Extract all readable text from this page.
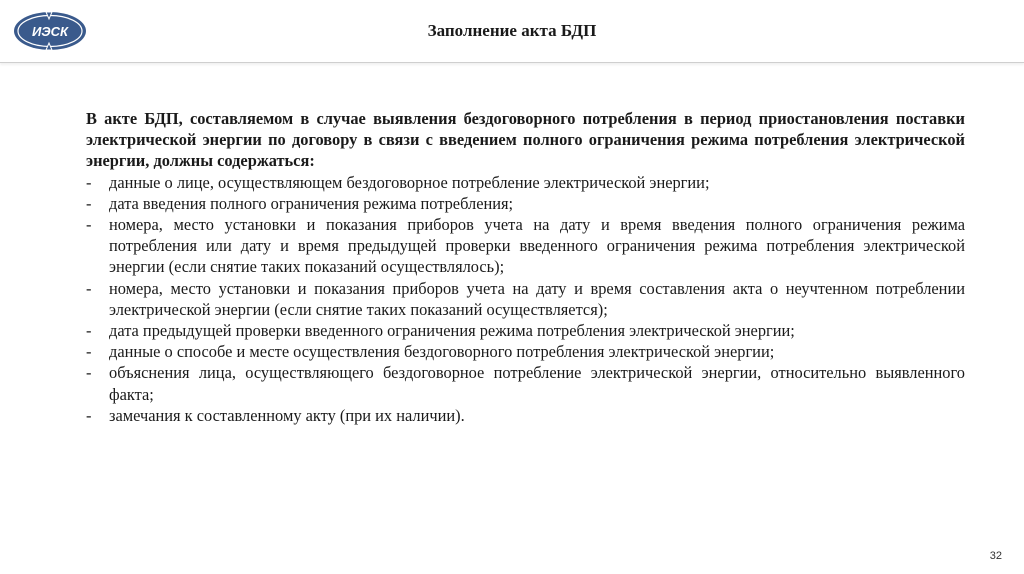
ИЭСК	Заполнение акта БДП

В акте БДП, составляемом в случае выявления бездоговорного потребления в период приостановления поставки электрической энергии по договору в связи с введением полного ограничения режима потребления электрической энергии, должны содержаться:

- данные о лице, осуществляющем бездоговорное потребление электрической энергии;
- дата введения полного ограничения режима потребления;
- номера, место установки и показания приборов учета на дату и время введения полного ограничения режима потребления или дату и время предыдущей проверки введенного ограничения режима потребления электрической энергии (если снятие таких показаний осуществлялось);
- номера, место установки и показания приборов учета на дату и время составления акта о неучтенном потреблении электрической энергии (если снятие таких показаний осуществляется);
- дата предыдущей проверки введенного ограничения режима потребления электрической энергии;
- данные о способе и месте осуществления бездоговорного потребления электрической энергии;
- объяснения лица, осуществляющего бездоговорное потребление электрической энергии, относительно выявленного факта;
- замечания к составленному акту (при их наличии).
32
